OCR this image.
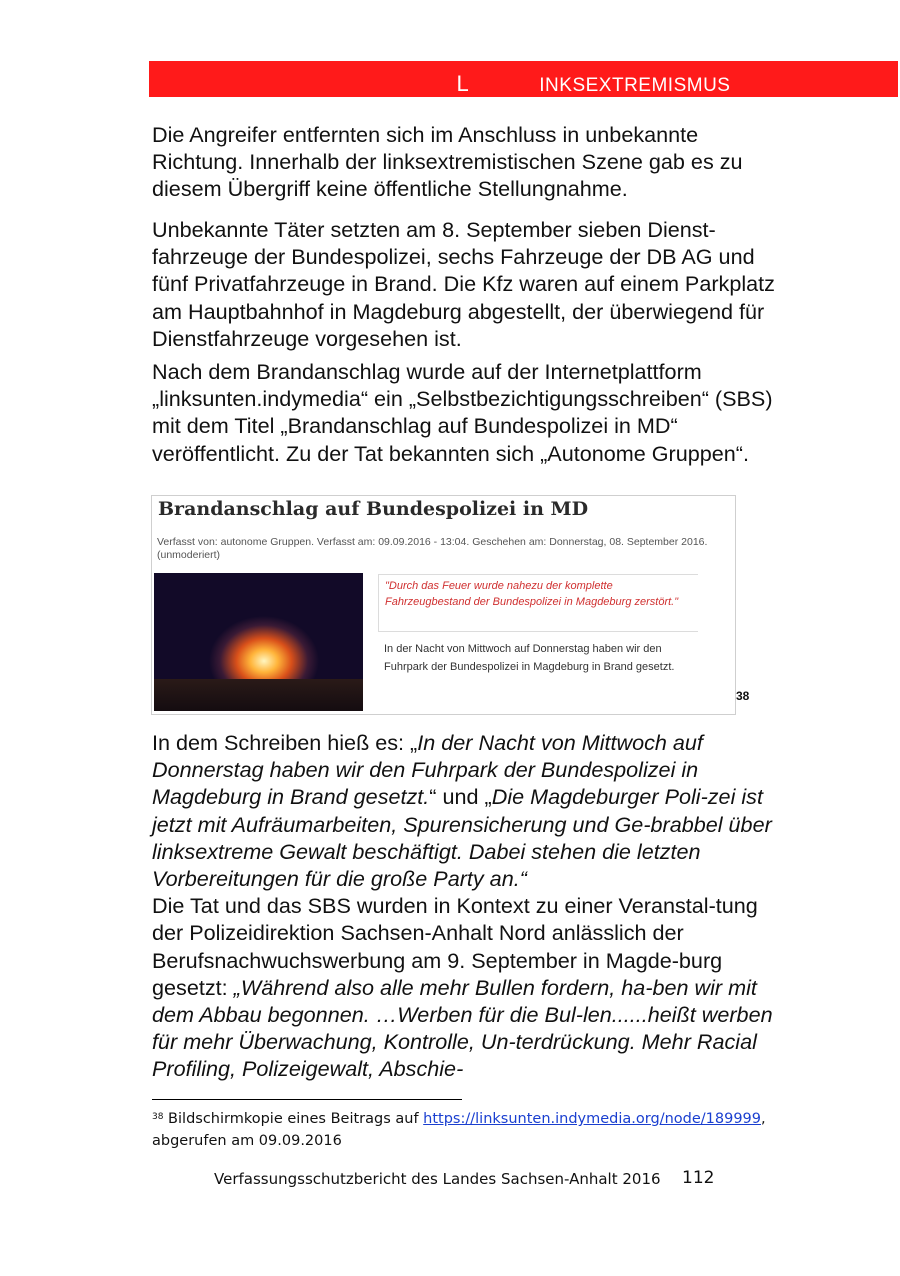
L	INKSEXTREMISMUS

Die Angreifer entfernten sich im Anschluss in unbekannte Richtung. Innerhalb der linksextremistischen Szene gab es zu diesem Übergriff keine öffentliche Stellungnahme.

Unbekannte Täter setzten am 8. September sieben Dienst-fahrzeuge der Bundespolizei, sechs Fahrzeuge der DB AG und fünf Privatfahrzeuge in Brand. Die Kfz waren auf einem Parkplatz am Hauptbahnhof in Magdeburg abgestellt, der überwiegend für Dienstfahrzeuge vorgesehen ist.
Nach dem Brandanschlag wurde auf der Internetplattform „linksunten.indymedia“ ein „Selbstbezichtigungsschreiben“ (SBS) mit dem Titel „Brandanschlag auf Bundespolizei in MD“ veröffentlicht. Zu der Tat bekannten sich „Autonome Gruppen“.
Brandanschlag auf Bundespolizei in MD
Verfasst von: autonome Gruppen. Verfasst am: 09.09.2016 - 13:04. Geschehen am: Donnerstag, 08. September 2016. (unmoderiert)
"Durch das Feuer wurde nahezu der komplette Fahrzeugbestand der Bundespolizei in Magdeburg zerstört."
In der Nacht von Mittwoch auf Donnerstag haben wir den Fuhrpark der Bundespolizei in Magdeburg in Brand gesetzt.
38
In dem Schreiben hieß es: „In der Nacht von Mittwoch auf Donnerstag haben wir den Fuhrpark der Bundespolizei in Magdeburg in Brand gesetzt.“ und „Die Magdeburger Poli-zei ist jetzt mit Aufräumarbeiten, Spurensicherung und Ge-brabbel über linksextreme Gewalt beschäftigt. Dabei stehen die letzten Vorbereitungen für die große Party an.“
Die Tat und das SBS wurden in Kontext zu einer Veranstal-tung der Polizeidirektion Sachsen-Anhalt Nord anlässlich der Berufsnachwuchswerbung am 9. September in Magde-burg gesetzt: „Während also alle mehr Bullen fordern, ha-ben wir mit dem Abbau begonnen. …Werben für die Bul-len......heißt werben für mehr Überwachung, Kontrolle, Un-terdrückung. Mehr Racial Profiling, Polizeigewalt, Abschie-
$^{38}$ Bildschirmkopie eines Beitrags auf https://linksunten.indymedia.org/node/189999, abgerufen am 09.09.2016
Verfassungsschutzbericht des Landes Sachsen-Anhalt 2016 112
